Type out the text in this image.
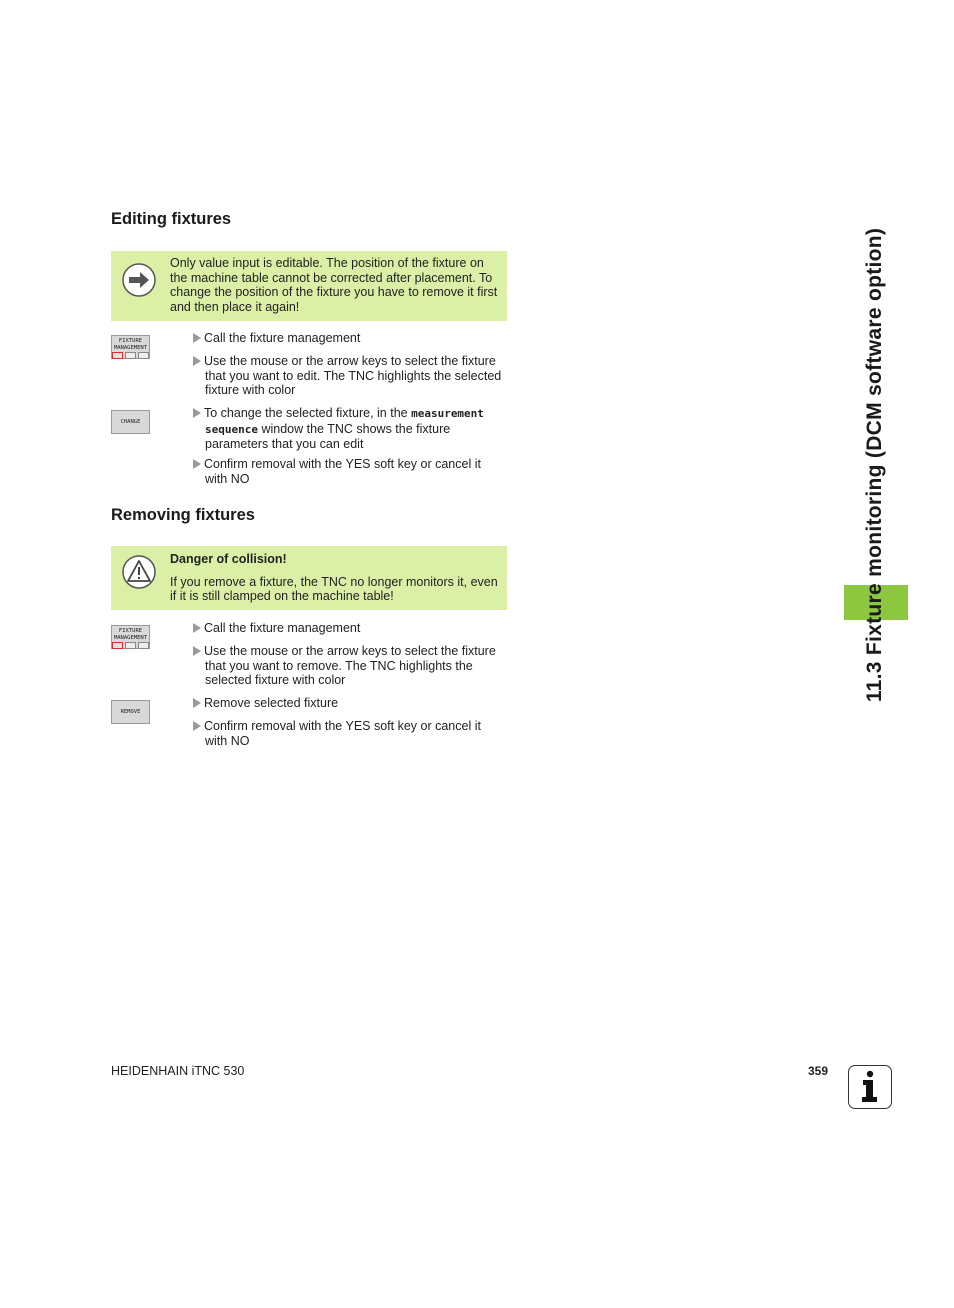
Editing fixtures
Only value input is editable. The position of the fixture on the machine table cannot be corrected after placement. To change the position of the fixture you have to remove it first and then place it again!
FIXTURE
MANAGEMENT
Call the fixture management
Use the mouse or the arrow keys to select the fixture
that you want to edit. The TNC highlights the selected fixture with color
CHANGE
To change the selected fixture, in the measurement
sequence window the TNC shows the fixture parameters that you can edit
Confirm removal with the YES soft key or cancel it
with NO
Removing fixtures
Danger of collision!
If you remove a fixture, the TNC no longer monitors it, even if it is still clamped on the machine table!
FIXTURE
MANAGEMENT
Call the fixture management
Use the mouse or the arrow keys to select the fixture
that you want to remove. The TNC highlights the selected fixture with color
REMOVE
Remove selected fixture
Confirm removal with the YES soft key or cancel it
with NO
11.3 Fixture monitoring (DCM software option)
HEIDENHAIN iTNC 530	359
